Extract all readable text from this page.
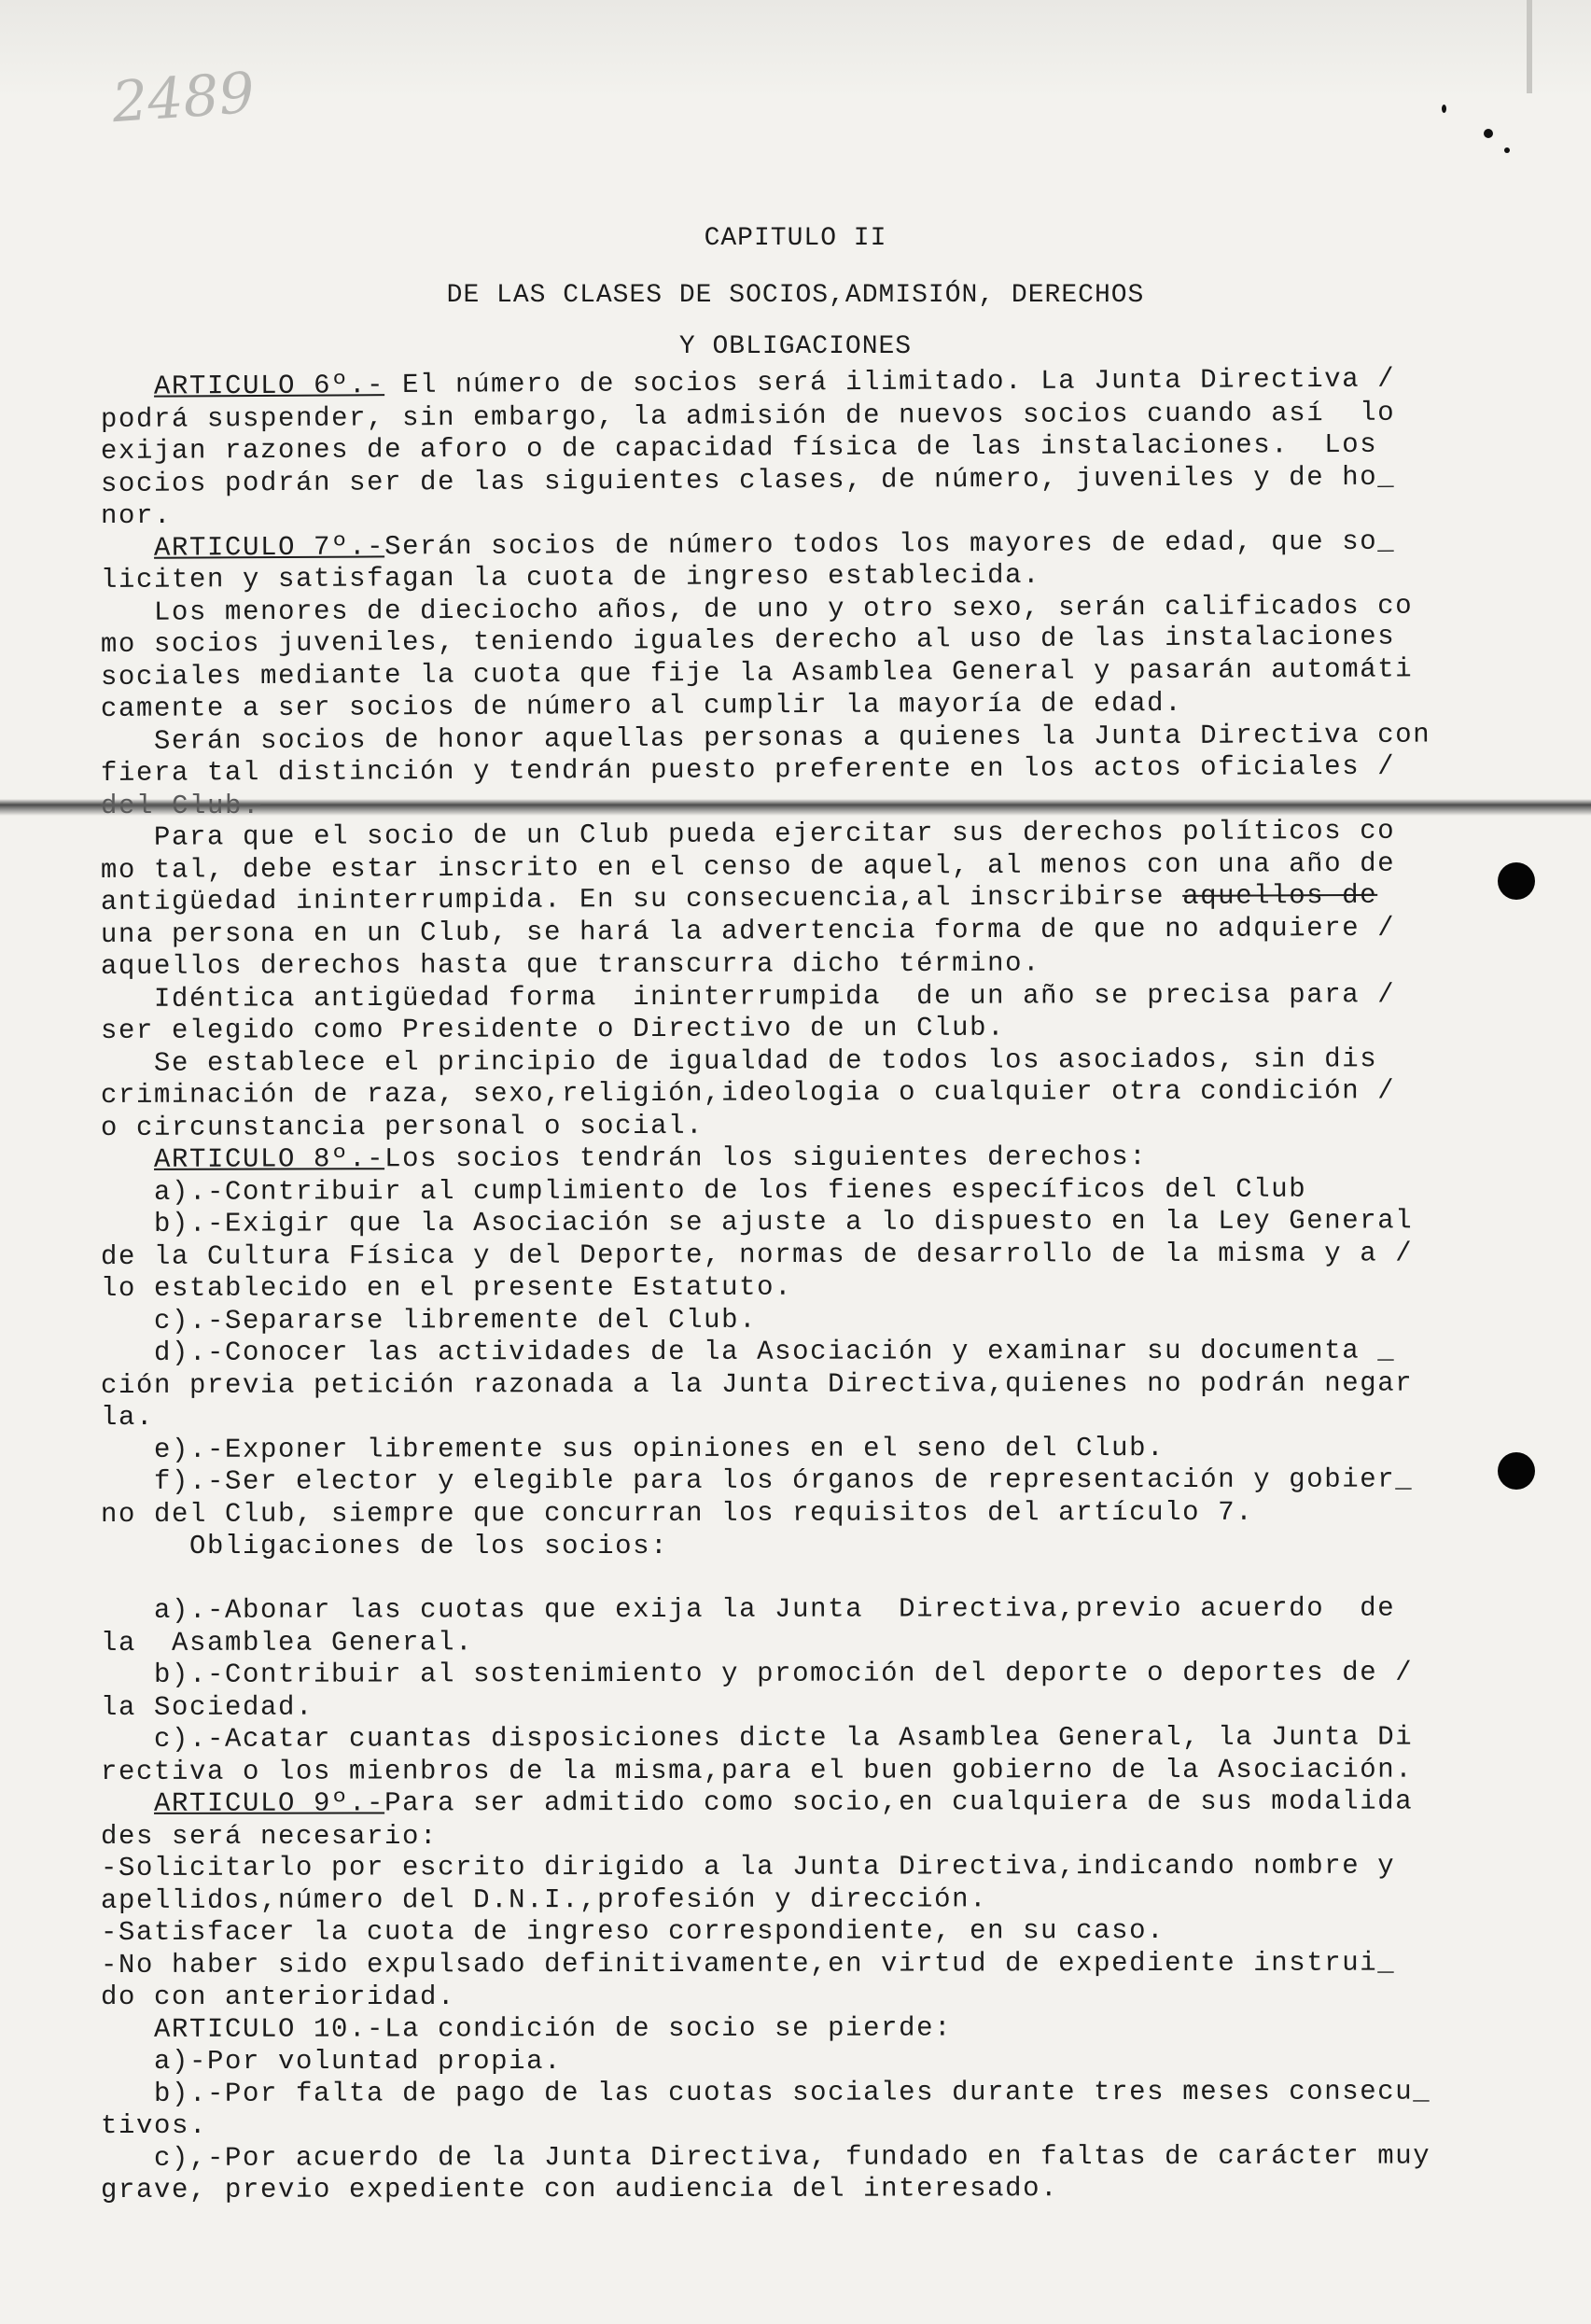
2489
CAPITULO II
DE LAS CLASES DE SOCIOS,ADMISIÓN, DERECHOS
Y OBLIGACIONES
ARTICULO 6º.- El número de socios será ilimitado. La Junta Directiva /
podrá suspender, sin embargo, la admisión de nuevos socios cuando así  lo
exijan razones de aforo o de capacidad física de las instalaciones.  Los
socios podrán ser de las siguientes clases, de número, juveniles y de ho_
nor.
ARTICULO 7º.-Serán socios de número todos los mayores de edad, que so_
liciten y satisfagan la cuota de ingreso establecida.
Los menores de dieciocho años, de uno y otro sexo, serán calificados co
mo socios juveniles, teniendo iguales derecho al uso de las instalaciones
sociales mediante la cuota que fije la Asamblea General y pasarán automáti
camente a ser socios de número al cumplir la mayoría de edad.
Serán socios de honor aquellas personas a quienes la Junta Directiva con
fiera tal distinción y tendrán puesto preferente en los actos oficiales /
del Club.
Para que el socio de un Club pueda ejercitar sus derechos políticos co
mo tal, debe estar inscrito en el censo de aquel, al menos con una año de
antigüedad ininterrumpida. En su consecuencia,al inscribirse aquellos de
una persona en un Club, se hará la advertencia forma de que no adquiere /
aquellos derechos hasta que transcurra dicho término.
Idéntica antigüedad forma  ininterrumpida  de un año se precisa para /
ser elegido como Presidente o Directivo de un Club.
Se establece el principio de igualdad de todos los asociados, sin dis
criminación de raza, sexo,religión,ideologia o cualquier otra condición /
o circunstancia personal o social.
ARTICULO 8º.-Los socios tendrán los siguientes derechos:
a).-Contribuir al cumplimiento de los fienes específicos del Club
b).-Exigir que la Asociación se ajuste a lo dispuesto en la Ley General
de la Cultura Física y del Deporte, normas de desarrollo de la misma y a /
lo establecido en el presente Estatuto.
c).-Separarse libremente del Club.
d).-Conocer las actividades de la Asociación y examinar su documenta _
ción previa petición razonada a la Junta Directiva,quienes no podrán negar
la.
e).-Exponer libremente sus opiniones en el seno del Club.
f).-Ser elector y elegible para los órganos de representación y gobier_
no del Club, siempre que concurran los requisitos del artículo 7.
Obligaciones de los socios:
a).-Abonar las cuotas que exija la Junta  Directiva,previo acuerdo  de
la  Asamblea General.
b).-Contribuir al sostenimiento y promoción del deporte o deportes de /
la Sociedad.
c).-Acatar cuantas disposiciones dicte la Asamblea General, la Junta Di
rectiva o los mienbros de la misma,para el buen gobierno de la Asociación.
ARTICULO 9º.-Para ser admitido como socio,en cualquiera de sus modalida
des será necesario:
-Solicitarlo por escrito dirigido a la Junta Directiva,indicando nombre y
apellidos,número del D.N.I.,profesión y dirección.
-Satisfacer la cuota de ingreso correspondiente, en su caso.
-No haber sido expulsado definitivamente,en virtud de expediente instrui_
do con anterioridad.
ARTICULO 10.-La condición de socio se pierde:
a)-Por voluntad propia.
b).-Por falta de pago de las cuotas sociales durante tres meses consecu_
tivos.
c),-Por acuerdo de la Junta Directiva, fundado en faltas de carácter muy
grave, previo expediente con audiencia del interesado.
